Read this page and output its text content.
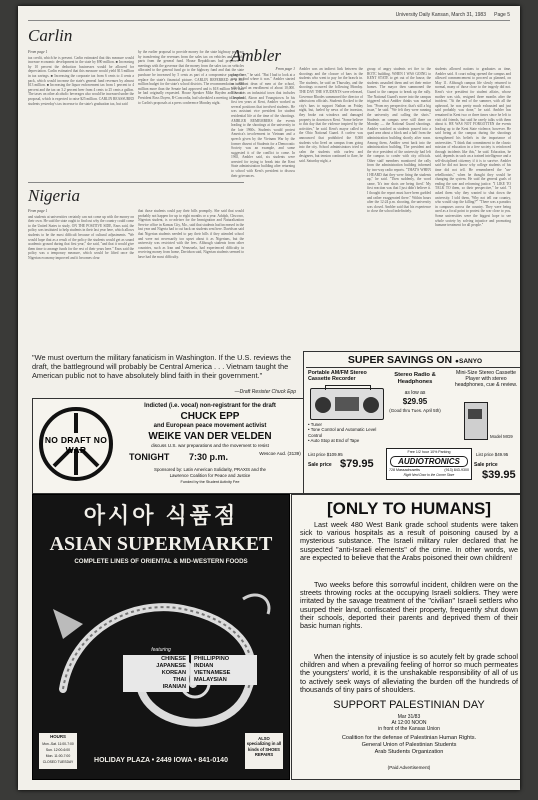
University Daily Kansan, March 31, 1983 Page 5
Carlin

From page 1

tax credit, which he is present. Carlin estimated that this measure would increase economic development in the state by $90 million. ■ Increasing by 10 percent the deduction businesses would be allowed for depreciation. Carlin estimated that this measure would yield $13 million in tax savings. ■ Increasing the corporate tax from 6 cents to 4 cents a pack, which would increase the state's general fund revenues by almost $13 million. ■ Increasing the liquor enforcement tax from 1 percent to 4 percent and the tax on 3.2 percent beer from 4 cents to 25 cents a gallon. The taxes on other alcoholic beverages also would be increased under the proposal, which is expected to raise $25 million. CARLIN REASSURED students yesterday's tax increase to the state's graduation tax, but said

by the earlier proposal to provide money for the state highway program by transferring the revenues from the sales tax on vehicles and vehicle parts from the general fund. House Republicans had proposed in meetings with the governor that the money from the sales tax on vehicles allocated to the general fund go to the highway fund and that the state purchase be increased by 5 cents as part of a compromise package to replace the state's financial picture. CARLIN REFERRED to a $90 million budget for the state's school districts. The recommendation is $80 million more than the Senate had approved and is $18 million less than he had originally requested. House Speaker Mike Hayden and Senate President Ross Doyen, R-Concordia, had scheduled a meeting to respond to Carlin's proposals at a press conference Monday night.

Nigeria

From page 1

and students at universities certainly can not come up with the money on their own. He said the state ought to find out why the country could come to the United States to study. ON THE POSITIVE SIDE, Enos said, the policy was instituted to help students in their last year here, which allows students to be the most difficult because of cultural adjustments. "We would hope that as a result of the policy the students would get as sound academic ground during that first year," she said, "and that it would give them time to arrange funds for the rest of their years here." Enos said the policy was a temporary measure, which would be lifted once the Nigerian economy improved and it becomes clear

that those students could pay their bills promptly. She said that would probably not happen for up to eight months or a year. Adolph, Chwowo, Nigerian student, is co-adviser for the Immigration and Naturalization Service office in Kansas City, Mo., said that students had increased in the last year and Nigeria had to cut back on students sent here. Davidson said that Nigerian students needed to pay their bills if they attended school and were not necessarily too upset about it as Nigerians, but the university was restricted with the fees. Although students from other countries, such as Iran and Venezuela, had experienced difficulty in receiving money from home, Davidson said, Nigerian students seemed to have had the most difficulty.

Ambler

From page 1

gone there," he said. "But I had to look at a map to find where it was." Ambler started as assistant dean of men at the school, which had an enrollment of about 10,000. Now it is an industrial town that includes Cleveland, Akron and Youngstown. In his first ten years at Kent, Ambler worked as several positions that involved students. He was assistant vice president for student residential life at the time of the shootings. AMBLER REMEMBERS the events leading to the shootings at the university in the late 1960s. Students would protest America's involvement in Vietnam and a speech given by the Vietnam War by the former dissent of Students for a Democratic Society was an example, and some suggested it of the conflict to come. In 1965, Ambler said, six students were arrested for trying to break into the Kent State administration building after returning to school with Kent's president to discuss their grievances.

Ambler was an indirect link between the shootings and the closure of bars in the students who went to pay for the brawls in. The students, he said on Thursday, and the shootings occurred the following Monday. THE DAY THE STUDENTS were released, Governor Rhodes summoned the director of admissions officials. Students flocked to the city's bars to support Nathan on Friday night, but, fueled by news of the invasion, they broke out windows and damaged property in downtown Kent. "Some believe to this day that the violence inspired by the activities," he said. Kent's mayor called in the Ohio National Guard. A curfew was announced that prohibited the 8,000 students who lived on campus from going into the city. School administrators tried to calm the students with curfew and designees, but tension continued to flare, he said. Saturday night, a

group of angry students set fire to the ROTC building. WHEN I WAS GOING to KENT STATE to get out of the house, the students assaulted them and set their entire homes. The mayor then summoned the Guard to the campus to break up the rally. The National Guard's move into the campus triggered what Ambler thinks was martial law. "From my perspective, that's still a big issue," he said. "We felt they were running the university and calling the shots." Students on campus were still there on Monday — the National Guard shootings. Ambler watched as students poured into a quad area about a block and a half from the administration building shortly after noon. Among them, Ambler went back into the administration building. The president and the vice president of the university had left the campus to confer with city officials. Other staff members monitored the rally from the administration building informed by two-way radio reports. "THAT'S WHEN I HEARD that they were firing the students up," he said. "Then suddenly, the word came, 'It's tear shots are being fired.' My first reaction was that I just didn't believe it. I thought the report must have been garbled and rather exaggerated there." Within hours after the 12:24 p.m. shooting, the university was closed. Ambler said that his experience to close the school indefinitely.

students allowed nations to graduates as time, Ambler said. A court ruling opened the campus and allowed commencement to proceed as planned, on May 11. Although campus life slowly returned to normal, many of those close to the tragedy did not. Kent's vice president for student affairs, whose mother was sick, resigned three months after the incident. "At the end of the summer, with all the upheaval, he was pretty much exhausted and just said probably was done," he said. Ambler has remained in Kent two or three times since he left to visit old friends, but said he rarely talks with them about it. HE WAS NOT FORGOTTEN the events leading up to the Kent State violence, however. He said being at the campus during the shootings strengthened his beliefs in the importance of universities. "I think that commitment to the classic mission of education in a free society is reinforced through incidents like this," he said. Education, he said, depends in such an a trained intelligence and a self-disciplined citizenry if it is to survive. Ambler said he did not know why college students of his time did not tell. He remembered the "un-rebellionists," when he thought they would be changing the system. He said the general goals of ending the war and reforming justice. "I LIKE TO TALK TO them, so their perspective," he said. "I asked them why they wanted to shut down the university. I told them, 'Why not tell our country, who would stop the killing?'" "There was a paradox in campuses across the country. They were being used as a focal point to protest the war close to you. Some universities were the biggest hope to see whole society by solving injustice and promoting humane treatment for all people."

"We must overturn the military fanaticism in Washington. If the U.S. reviews the draft, the battleground will probably be Central America . . . Vietnam taught the American public not to have absolutely blind faith in their government."
—Draft Resister Chuck Epp
NO DRAFT NO WAR
Indicted (i.e. vocal) non-registrant for the draft
CHUCK EPP
and European peace movement activist
WEIKE VAN DER VELDEN
discuss U.S. war preparations and the movement to resist
TONIGHT 7:30 p.m.	Wescoe Aud. (3139)
Sponsored by: Latin American Solidarity, PRAXIS and the
Lawrence Coalition for Peace and Justice
Funded by the Student Activity Fee
SUPER SAVINGS ON ●SANYO
Portable AM/FM Stereo Cassette Recorder
• Tuner
• Tone Control and Automatic Level Control
• Auto Stop at End of Tape
List price $109.95
Sale price $79.95
Stereo Radio & Headphones
as low as
$29.95
(Good thru Tues. April 5th)
Free 1/2 hour 10% Parking
AUDIOTRONICS
728 Massachusetts	(913) 843-9300
Right Next Door to the Corner Store
Mini-Size Stereo Cassette Player with stereo headphones, cue & review.
Model MG9
List price $49.95
Sale price
$39.95
아시아 식품점
ASIAN SUPERMARKET
COMPLETE LINES OF ORIENTAL & MID-WESTERN FOODS
featuring
CHINESE
JAPANESE
KOREAN
THAI
IRANIAN
PHILLIPPINO
INDIAN
VIETNAMESE
MALAYSIAN
HOURS
Mon.-Sat. 11:00-7:00
Sun. 12:00-6:00
Mon. 11:00-7:00
CLOSED TUESDAY
ALSO specializing in all kinds of SHOES REPAIRS
HOLIDAY PLAZA • 2449 IOWA • 841-0140
[ONLY TO HUMANS]
Last week 480 West Bank grade school students were taken sick to various hospitals as a result of poisoning caused by a mysterious substance. The Israeli military ruler declared that he suspected "anti-Israeli elements" of the crime. In other words, we are expected to believe that the Arabs poisoned their own children!
Two weeks before this sorrowful incident, children were on the streets throwing rocks at the occupying Israeli soldiers. They were irritated by the savage treatment of the "civilian" Israeli settlers who usurped their land, confiscated their property, frequently shut down their schools, deported their parents and deprived them of their basic human rights.
When the intensity of injustice is so acutely felt by grade school children and when a prevailing feeling of horror so much permeates the youngsters' world, it is the unshakable responsibility of all of us to actively seek ways of alleviating the burden off the hundreds of thousands of tiny pairs of shoulders.
SUPPORT PALESTINIAN DAY
Mar 31/83
At 12:00 NOON
in front of the Kansas Union
Coalition for the defense of Palestinian Human Rights.
General Union of Palestinian Students
Arab Students Organization
(Paid Advertisement)
